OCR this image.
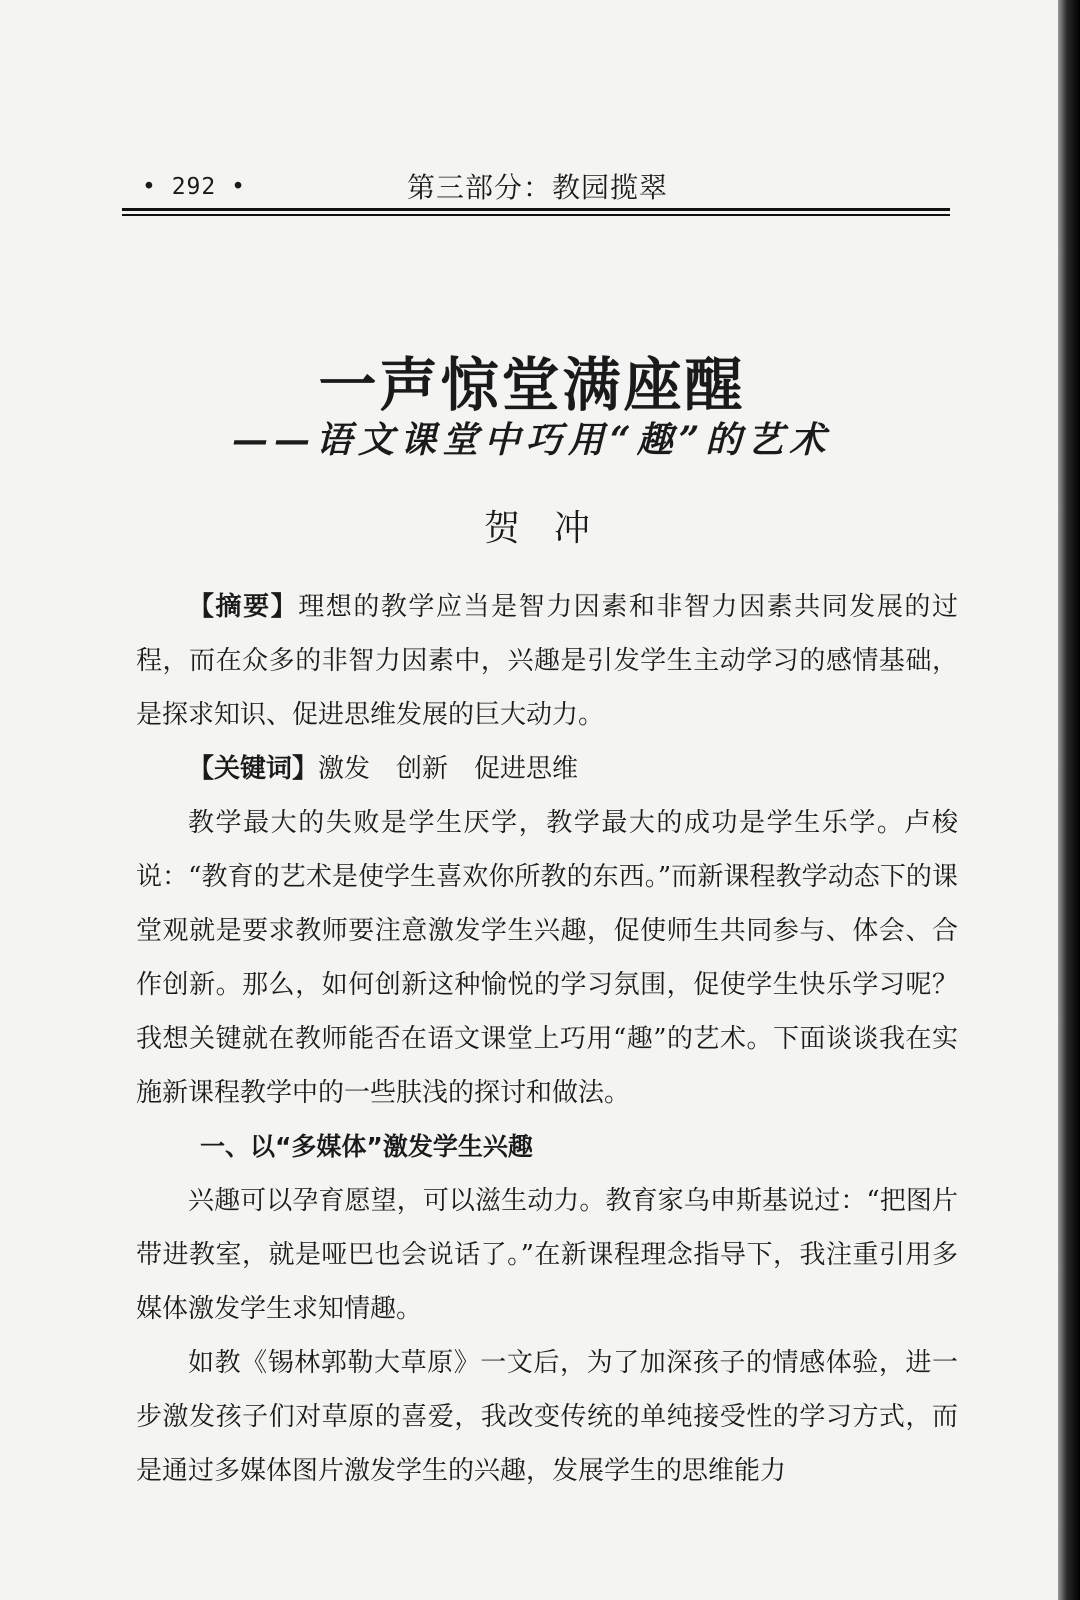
• 292 •	第三部分：教园揽翠
一声惊堂满座醒
——语文课堂中巧用“趣”的艺术
贺冲

【摘要】理想的教学应当是智力因素和非智力因素共同发展的过程，而在众多的非智力因素中，兴趣是引发学生主动学习的感情基础，是探求知识、促进思维发展的巨大动力。

【关键词】激发 创新 促进思维

教学最大的失败是学生厌学，教学最大的成功是学生乐学。卢梭说：“教育的艺术是使学生喜欢你所教的东西。”而新课程教学动态下的课堂观就是要求教师要注意激发学生兴趣，促使师生共同参与、体会、合作创新。那么，如何创新这种愉悦的学习氛围，促使学生快乐学习呢？我想关键就在教师能否在语文课堂上巧用“趣”的艺术。下面谈谈我在实施新课程教学中的一些肤浅的探讨和做法。

一、以“多媒体”激发学生兴趣

兴趣可以孕育愿望，可以滋生动力。教育家乌申斯基说过：“把图片带进教室，就是哑巴也会说话了。”在新课程理念指导下，我注重引用多媒体激发学生求知情趣。

如教《锡林郭勒大草原》一文后，为了加深孩子的情感体验，进一步激发孩子们对草原的喜爱，我改变传统的单纯接受性的学习方式，而是通过多媒体图片激发学生的兴趣，发展学生的思维能力
